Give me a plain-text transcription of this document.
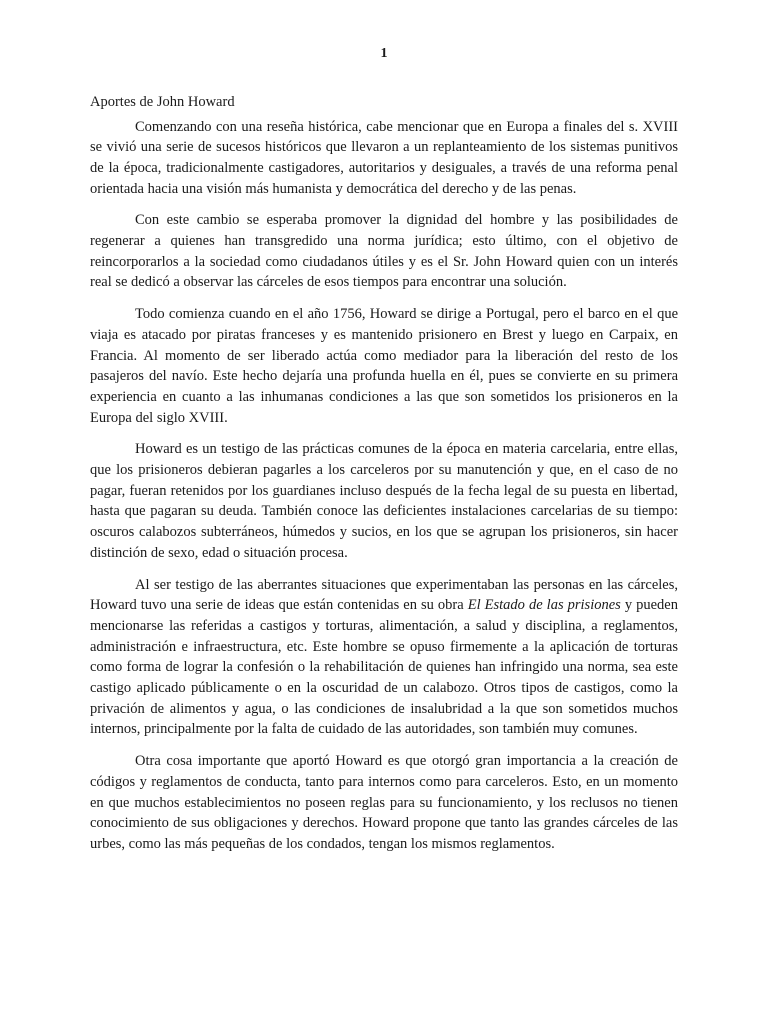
1

Aportes de John Howard

Comenzando con una reseña histórica, cabe mencionar que en Europa a finales del s. XVIII se vivió una serie de sucesos históricos que llevaron a un replanteamiento de los sistemas punitivos de la época, tradicionalmente castigadores, autoritarios y desiguales, a través de una reforma penal orientada hacia una visión más humanista y democrática del derecho y de las penas.

Con este cambio se esperaba promover la dignidad del hombre y las posibilidades de regenerar a quienes han transgredido una norma jurídica; esto último, con el objetivo de reincorporarlos a la sociedad como ciudadanos útiles y es el Sr. John Howard quien con un interés real se dedicó a observar las cárceles de esos tiempos para encontrar una solución.

Todo comienza cuando en el año 1756, Howard se dirige a Portugal, pero el barco en el que viaja es atacado por piratas franceses y es mantenido prisionero en Brest y luego en Carpaix, en Francia. Al momento de ser liberado actúa como mediador para la liberación del resto de los pasajeros del navío. Este hecho dejaría una profunda huella en él, pues se convierte en su primera experiencia en cuanto a las inhumanas condiciones a las que son sometidos los prisioneros en la Europa del siglo XVIII.

Howard es un testigo de las prácticas comunes de la época en materia carcelaria, entre ellas, que los prisioneros debieran pagarles a los carceleros por su manutención y que, en el caso de no pagar, fueran retenidos por los guardianes incluso después de la fecha legal de su puesta en libertad, hasta que pagaran su deuda. También conoce las deficientes instalaciones carcelarias de su tiempo: oscuros calabozos subterráneos, húmedos y sucios, en los que se agrupan los prisioneros, sin hacer distinción de sexo, edad o situación procesa.

Al ser testigo de las aberrantes situaciones que experimentaban las personas en las cárceles, Howard tuvo una serie de ideas que están contenidas en su obra El Estado de las prisiones y pueden mencionarse las referidas a castigos y torturas, alimentación, a salud y disciplina, a reglamentos, administración e infraestructura, etc. Este hombre se opuso firmemente a la aplicación de torturas como forma de lograr la confesión o la rehabilitación de quienes han infringido una norma, sea este castigo aplicado públicamente o en la oscuridad de un calabozo. Otros tipos de castigos, como la privación de alimentos y agua, o las condiciones de insalubridad a la que son sometidos muchos internos, principalmente por la falta de cuidado de las autoridades, son también muy comunes.

Otra cosa importante que aportó Howard es que otorgó gran importancia a la creación de códigos y reglamentos de conducta, tanto para internos como para carceleros. Esto, en un momento en que muchos establecimientos no poseen reglas para su funcionamiento, y los reclusos no tienen conocimiento de sus obligaciones y derechos. Howard propone que tanto las grandes cárceles de las urbes, como las más pequeñas de los condados, tengan los mismos reglamentos.
